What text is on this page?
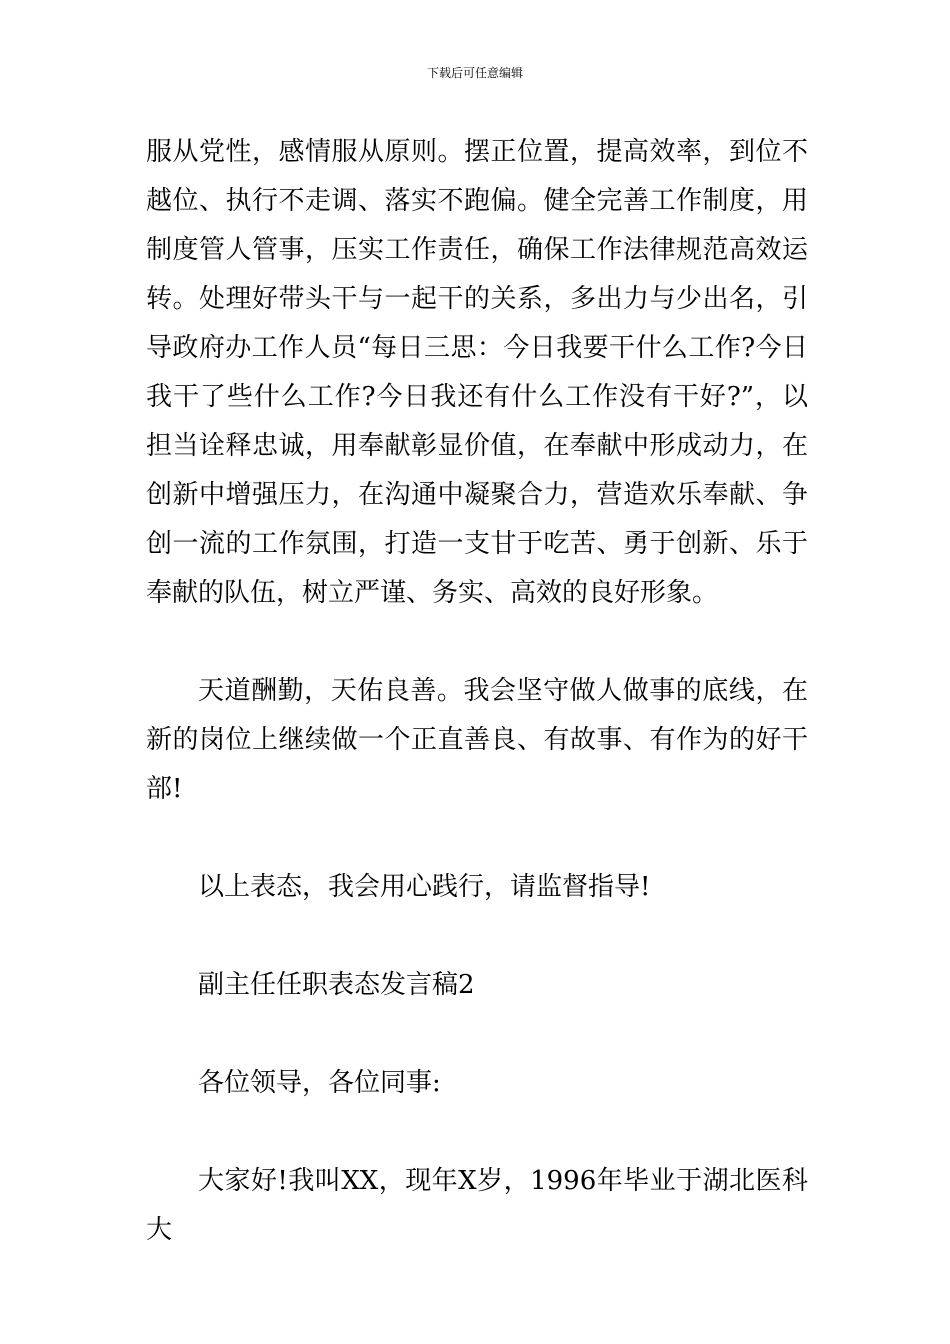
下载后可任意编辑

服从党性，感情服从原则。摆正位置，提高效率，到位不越位、执行不走调、落实不跑偏。健全完善工作制度，用制度管人管事，压实工作责任，确保工作法律规范高效运转。处理好带头干与一起干的关系，多出力与少出名，引导政府办工作人员“每日三思：今日我要干什么工作?今日我干了些什么工作?今日我还有什么工作没有干好?”，以担当诠释忠诚，用奉献彰显价值，在奉献中形成动力，在创新中增强压力，在沟通中凝聚合力，营造欢乐奉献、争创一流的工作氛围，打造一支甘于吃苦、勇于创新、乐于奉献的队伍，树立严谨、务实、高效的良好形象。

天道酬勤，天佑良善。我会坚守做人做事的底线，在新的岗位上继续做一个正直善良、有故事、有作为的好干部!

以上表态，我会用心践行，请监督指导!

副主任任职表态发言稿2

各位领导，各位同事:

大家好!我叫XX，现年X岁，1996年毕业于湖北医科大
